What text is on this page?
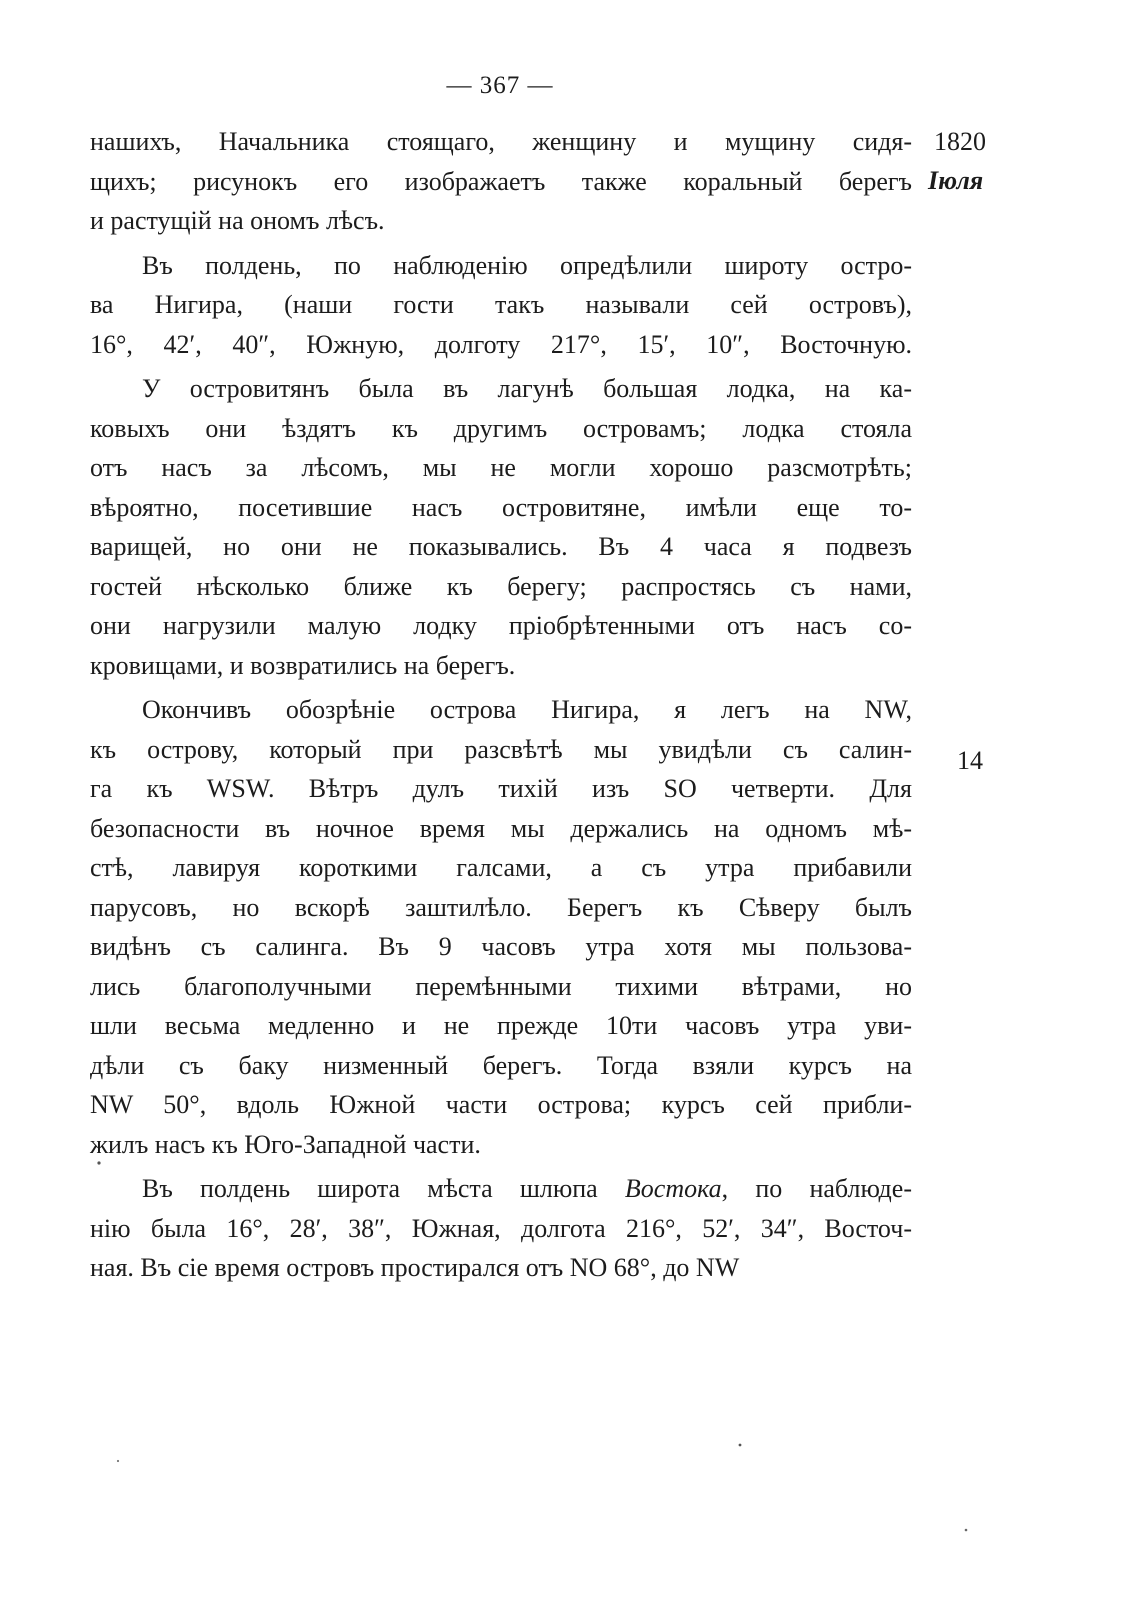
— 367 —
1820
Іюля
14
нашихъ, Начальника стоящаго, женщину и мущину сидя-
щихъ; рисунокъ его изображаетъ также коральный берегъ
и растущій на ономъ лѣсъ.
Въ полдень, по наблюденію опредѣлили широту остро-
ва Нигира, (наши гости такъ называли сей островъ),
16°, 42′, 40″, Южную, долготу 217°, 15′, 10″, Восточную.
У островитянъ была въ лагунѣ большая лодка, на ка-
ковыхъ они ѣздятъ къ другимъ островамъ; лодка стояла
отъ насъ за лѣсомъ, мы не могли хорошо разсмотрѣть;
вѣроятно, посетившие насъ островитяне, имѣли еще то-
варищей, но они не показывались. Въ 4 часа я подвезъ
гостей нѣсколько ближе къ берегу; распростясь съ нами,
они нагрузили малую лодку пріобрѣтенными отъ насъ со-
кровищами, и возвратились на берегъ.
Окончивъ обозрѣніе острова Нигира, я легъ на NW,
къ острову, который при разсвѣтѣ мы увидѣли съ салин-
га къ WSW. Вѣтръ дулъ тихій изъ SO четверти. Для
безопасности въ ночное время мы держались на одномъ мѣ-
стѣ, лавируя короткими галсами, а съ утра прибавили
парусовъ, но вскорѣ заштилѣло. Берегъ къ Сѣверу былъ
видѣнъ съ салинга. Въ 9 часовъ утра хотя мы пользова-
лись благополучными перемѣнными тихими вѣтрами, но
шли весьма медленно и не прежде 10ти часовъ утра уви-
дѣли съ баку низменный берегъ. Тогда взяли курсъ на
NW 50°, вдоль Южной части острова; курсъ сей прибли-
жилъ насъ къ Юго-Западной части.
Въ полдень широта мѣста шлюпа Востока, по наблюде-
нію была 16°, 28′, 38″, Южная, долгота 216°, 52′, 34″, Восточ-
ная. Въ сіе время островъ простирался отъ NO 68°, до NW
